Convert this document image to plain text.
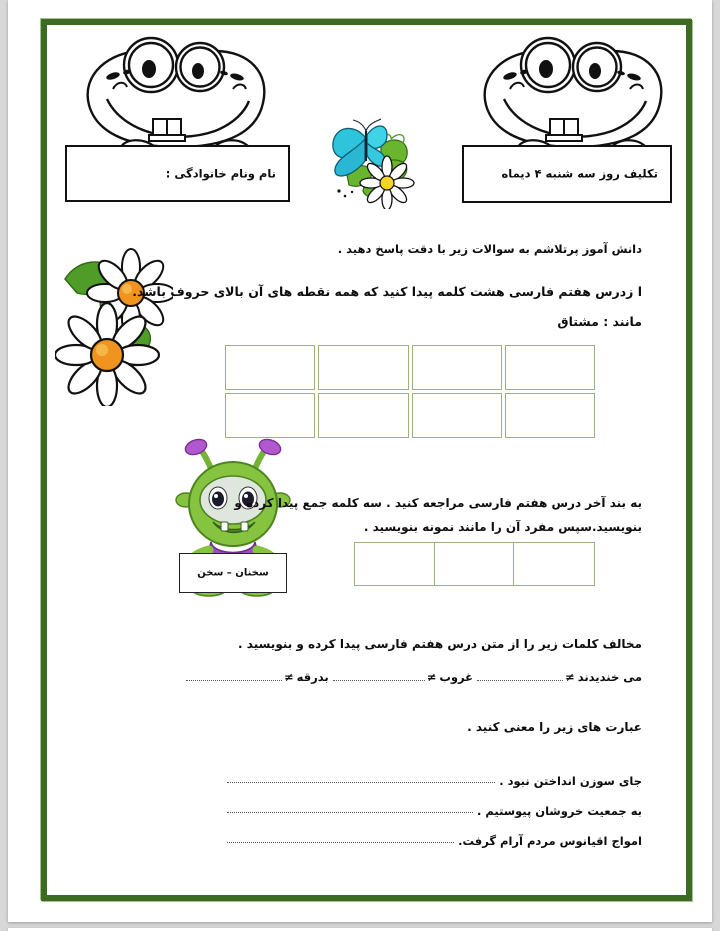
نام ونام خانوادگی :	تکلیف روز سه شنبه ۴ دیماه
دانش آموز پرتلاشم به سوالات زیر با دقت پاسخ دهید .
ا زدرس هفتم فارسی هشت کلمه پیدا کنید که همه نقطه های آن بالای حروف باشد.
مانند : مشتاق
سخنان – سخن
به بند آخر درس هفتم فارسی مراجعه کنید . سه کلمه جمع پیدا کرده و
بنویسید.سپس مفرد آن را مانند نمونه بنویسید .
مخالف کلمات زیر را از متن درس هفتم فارسی پیدا کرده و بنویسید .
می خندیدند
≠
غروب
≠
بدرقه
≠
عبارت های زیر را معنی کنید .
جای سوزن انداختن نبود .
به جمعیت خروشان پیوستیم .
امواج اقیانوس مردم آرام گرفت.
